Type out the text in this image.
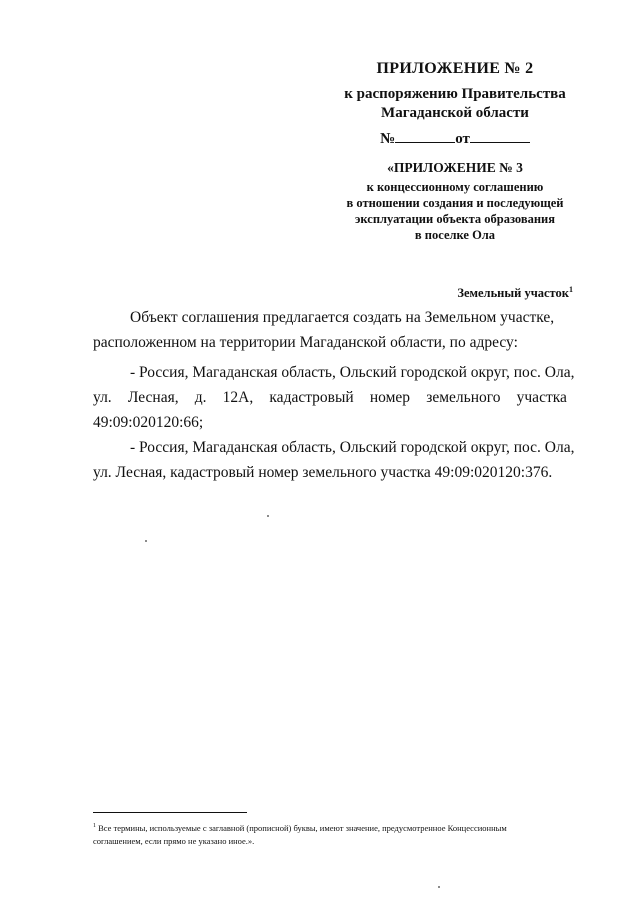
ПРИЛОЖЕНИЕ № 2
к распоряжению Правительства
Магаданской области
№	от
«ПРИЛОЖЕНИЕ № 3
к концессионному соглашению
в отношении создания и последующей
эксплуатации объекта образования
в поселке Ола
Земельный участок$^1$
Объект соглашения предлагается создать на Земельном участке,
расположенном на территории Магаданской области, по адресу:
- Россия, Магаданская область, Ольский городской округ, пос. Ола,
ул. Лесная, д. 12А, кадастровый номер земельного участка
49:09:020120:66;
- Россия, Магаданская область, Ольский городской округ, пос. Ола,
ул. Лесная, кадастровый номер земельного участка 49:09:020120:376.
$^1$ Все термины, используемые с заглавной (прописной) буквы, имеют значение, предусмотренное Концессионным
соглашением, если прямо не указано иное.».
